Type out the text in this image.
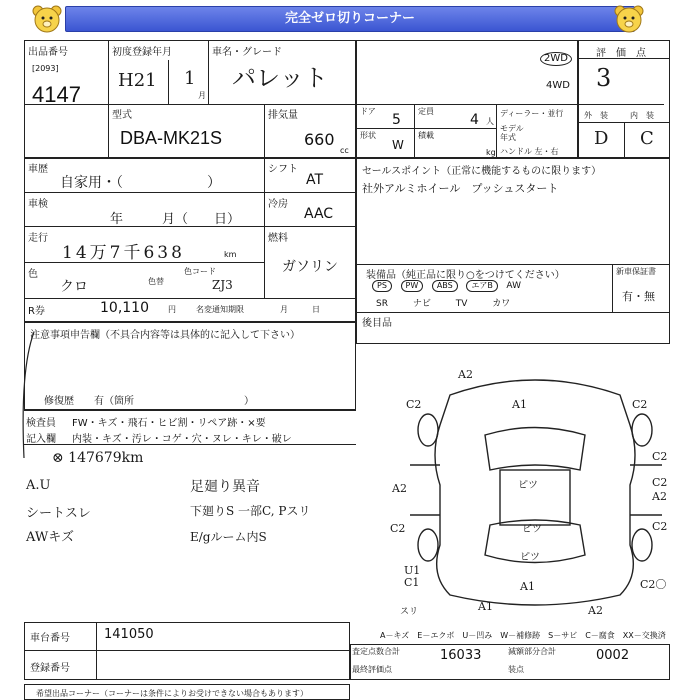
完全ゼロ切りコーナー
出品番号
[2093]
4147
初度登録年月
H21 1
月
車名・グレード
パレット
2WD
4WD
評　価　点
3
外　装	内　装
D C
型式
DBA-MK21S
排気量
660
cc
ドア
5
形状
W
定員
4 人
積載
kg
ディーラー・並行
モデル年式
ハンドル 左・右
車歴
自家用・（　　　　　　）
シフト
AT
車検
年　　　月（　　日）
冷房
AAC
走行
14万7千638	km
燃料
ガソリン
色
クロ	色替
色コード
ZJ3
R券	10,110 円	名変通知期限	月　　　日
セールスポイント（正常に機能するものに限ります）
社外アルミホイール　プッシュスタート
装備品（純正品に限り○をつけてください）
PS PW ABS エアB AW
SR	ナビ	TV	カワ
新車保証書
有・無
後目品
注意事項申告欄（不具合内容等は具体的に記入して下さい）
修復歴　　有（箇所　　　　　　　　　　　）
検査員
記入欄
FW・キズ・飛石・ヒビ割・リペア跡・×要
内装・キズ・汚レ・コゲ・穴・ヌレ・キレ・破レ
⊗ 147679km
A.U
シートスレ
AWキズ
足廻り異音
下廻りS 一部C, Pスリ
E/gルーム内S
A2
C2	A1	C2
C2
A2	C2
A2
C2	C2
U1
C1	C2〇
A1
A1	A2
ピツ
ピツ
ピツ
スリ
車台番号	141050
登録番号
A－キズ　E－エクボ　U－凹み　W－補修跡　S－サビ　C－腐食　XX－交換済
査定点数合計	16033	減額部分合計	0002
最終評価点	装点
希望出品コーナー（コーナーは条件によりお受けできない場合もあります）
